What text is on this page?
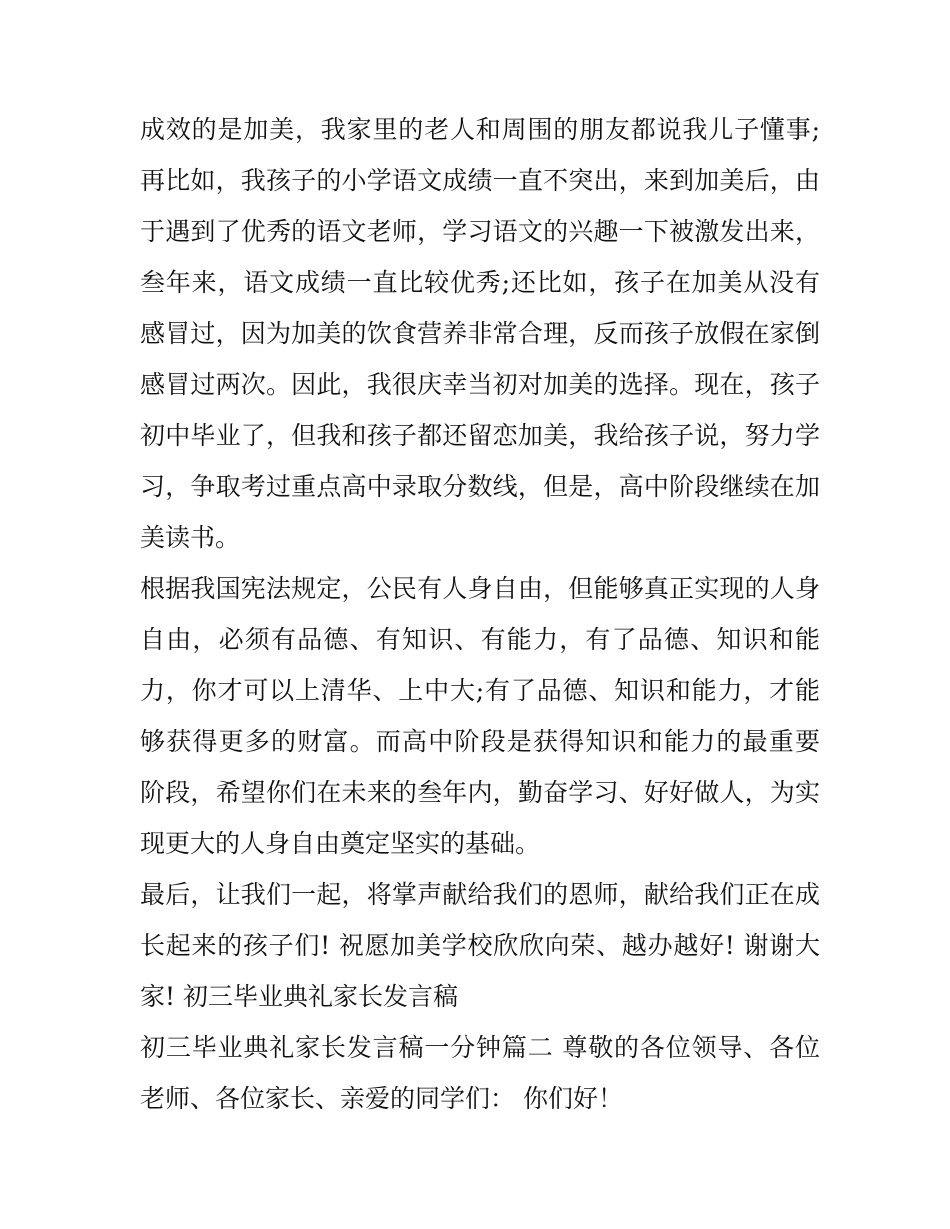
成效的是加美，我家里的老人和周围的朋友都说我儿子懂事;
再比如，我孩子的小学语文成绩一直不突出，来到加美后，由
于遇到了优秀的语文老师，学习语文的兴趣一下被激发出来，
叁年来，语文成绩一直比较优秀;还比如，孩子在加美从没有
感冒过，因为加美的饮食营养非常合理，反而孩子放假在家倒
感冒过两次。因此，我很庆幸当初对加美的选择。现在，孩子
初中毕业了，但我和孩子都还留恋加美，我给孩子说，努力学
习，争取考过重点高中录取分数线，但是，高中阶段继续在加
美读书。
根据我国宪法规定，公民有人身自由，但能够真正实现的人身
自由，必须有品德、有知识、有能力，有了品德、知识和能
力，你才可以上清华、上中大;有了品德、知识和能力，才能
够获得更多的财富。而高中阶段是获得知识和能力的最重要
阶段，希望你们在未来的叁年内，勤奋学习、好好做人，为实
现更大的人身自由奠定坚实的基础。
最后，让我们一起，将掌声献给我们的恩师，献给我们正在成
长起来的孩子们! 祝愿加美学校欣欣向荣、越办越好! 谢谢大
家! 初三毕业典礼家长发言稿
初三毕业典礼家长发言稿一分钟篇二 尊敬的各位领导、各位
老师、各位家长、亲爱的同学们： 你们好！
